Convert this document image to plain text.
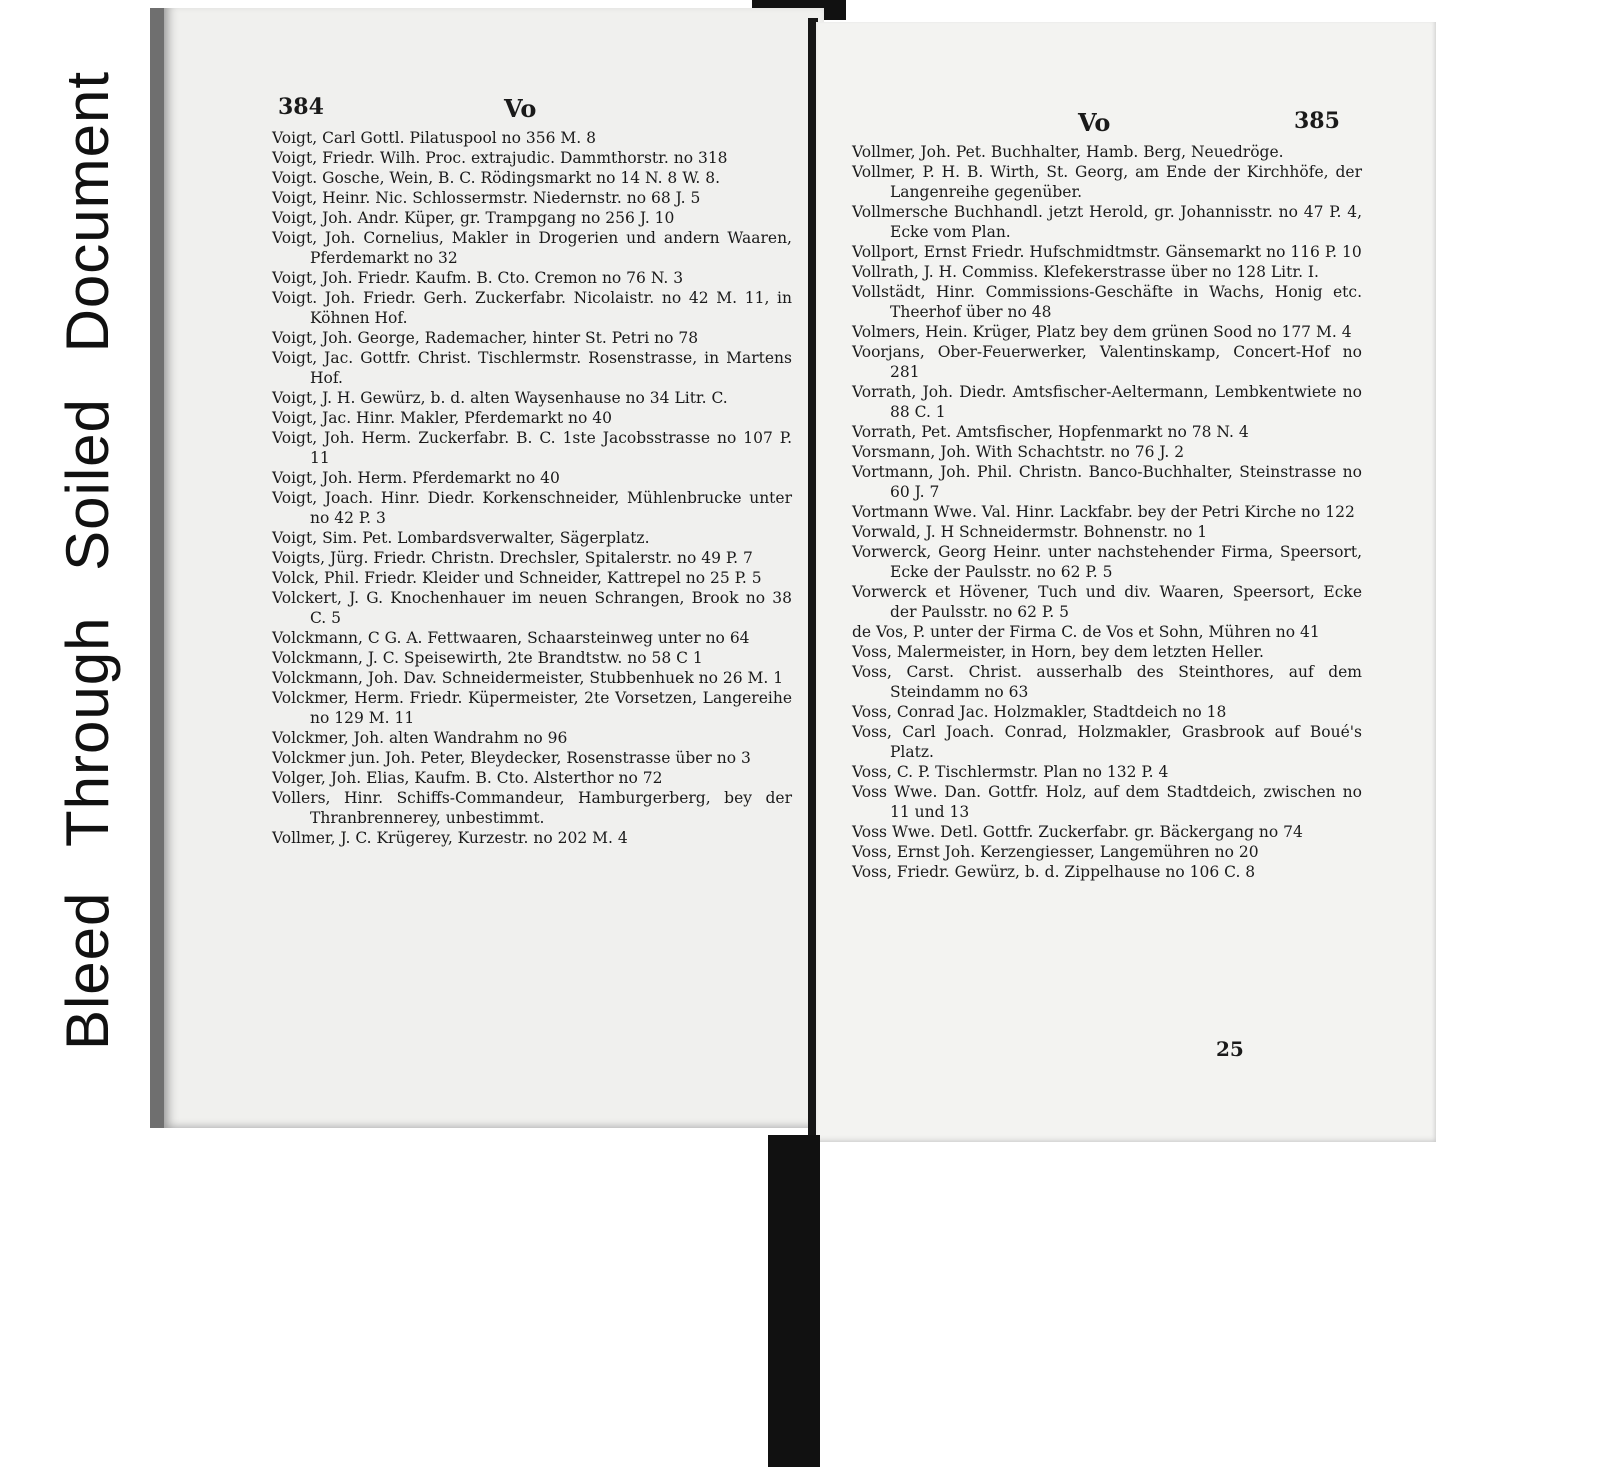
Bleed Through Soiled Document	384	Vo

Voigt, Carl Gottl. Pilatuspool no 356 M. 8

Voigt, Friedr. Wilh. Proc. extrajudic. Dammthorstr. no 318

Voigt. Gosche, Wein, B. C. Rödingsmarkt no 14 N. 8 W. 8.

Voigt, Heinr. Nic. Schlossermstr. Niedernstr. no 68 J. 5

Voigt, Joh. Andr. Küper, gr. Trampgang no 256 J. 10

Voigt, Joh. Cornelius, Makler in Drogerien und andern Waaren, Pferdemarkt no 32

Voigt, Joh. Friedr. Kaufm. B. Cto. Cremon no 76 N. 3

Voigt. Joh. Friedr. Gerh. Zuckerfabr. Nicolaistr. no 42 M. 11, in Köhnen Hof.

Voigt, Joh. George, Rademacher, hinter St. Petri no 78

Voigt, Jac. Gottfr. Christ. Tischlermstr. Rosenstrasse, in Martens Hof.

Voigt, J. H. Gewürz, b. d. alten Waysenhause no 34 Litr. C.

Voigt, Jac. Hinr. Makler, Pferdemarkt no 40

Voigt, Joh. Herm. Zuckerfabr. B. C. 1ste Jacobsstrasse no 107 P. 11

Voigt, Joh. Herm. Pferdemarkt no 40

Voigt, Joach. Hinr. Diedr. Korkenschneider, Mühlenbrucke unter no 42 P. 3

Voigt, Sim. Pet. Lombardsverwalter, Sägerplatz.

Voigts, Jürg. Friedr. Christn. Drechsler, Spitalerstr. no 49 P. 7

Volck, Phil. Friedr. Kleider und Schneider, Kattrepel no 25 P. 5

Volckert, J. G. Knochenhauer im neuen Schrangen, Brook no 38 C. 5

Volckmann, C G. A. Fettwaaren, Schaarsteinweg unter no 64

Volckmann, J. C. Speisewirth, 2te Brandtstw. no 58 C 1

Volckmann, Joh. Dav. Schneidermeister, Stubbenhuek no 26 M. 1

Volckmer, Herm. Friedr. Küpermeister, 2te Vorsetzen, Langereihe no 129 M. 11

Volckmer, Joh. alten Wandrahm no 96

Volckmer jun. Joh. Peter, Bleydecker, Rosenstrasse über no 3

Volger, Joh. Elias, Kaufm. B. Cto. Alsterthor no 72

Vollers, Hinr. Schiffs-Commandeur, Hamburgerberg, bey der Thranbrennerey, unbestimmt.

Vollmer, J. C. Krügerey, Kurzestr. no 202 M. 4

Vo	385

Vollmer, Joh. Pet. Buchhalter, Hamb. Berg, Neuedröge.

Vollmer, P. H. B. Wirth, St. Georg, am Ende der Kirchhöfe, der Langenreihe gegenüber.

Vollmersche Buchhandl. jetzt Herold, gr. Johannisstr. no 47 P. 4, Ecke vom Plan.

Vollport, Ernst Friedr. Hufschmidtmstr. Gänsemarkt no 116 P. 10

Vollrath, J. H. Commiss. Klefekerstrasse über no 128 Litr. I.

Vollstädt, Hinr. Commissions-Geschäfte in Wachs, Honig etc. Theerhof über no 48

Volmers, Hein. Krüger, Platz bey dem grünen Sood no 177 M. 4

Voorjans, Ober-Feuerwerker, Valentinskamp, Concert-Hof no 281

Vorrath, Joh. Diedr. Amtsfischer-Aeltermann, Lembkentwiete no 88 C. 1

Vorrath, Pet. Amtsfischer, Hopfenmarkt no 78 N. 4

Vorsmann, Joh. With Schachtstr. no 76 J. 2

Vortmann, Joh. Phil. Christn. Banco-Buchhalter, Steinstrasse no 60 J. 7

Vortmann Wwe. Val. Hinr. Lackfabr. bey der Petri Kirche no 122

Vorwald, J. H Schneidermstr. Bohnenstr. no 1

Vorwerck, Georg Heinr. unter nachstehender Firma, Speersort, Ecke der Paulsstr. no 62 P. 5

Vorwerck et Hövener, Tuch und div. Waaren, Speersort, Ecke der Paulsstr. no 62 P. 5

de Vos, P. unter der Firma C. de Vos et Sohn, Mühren no 41

Voss, Malermeister, in Horn, bey dem letzten Heller.

Voss, Carst. Christ. ausserhalb des Steinthores, auf dem Steindamm no 63

Voss, Conrad Jac. Holzmakler, Stadtdeich no 18

Voss, Carl Joach. Conrad, Holzmakler, Grasbrook auf Boué's Platz.

Voss, C. P. Tischlermstr. Plan no 132 P. 4

Voss Wwe. Dan. Gottfr. Holz, auf dem Stadtdeich, zwischen no 11 und 13

Voss Wwe. Detl. Gottfr. Zuckerfabr. gr. Bäckergang no 74

Voss, Ernst Joh. Kerzengiesser, Langemühren no 20

Voss, Friedr. Gewürz, b. d. Zippelhause no 106 C. 8

25
